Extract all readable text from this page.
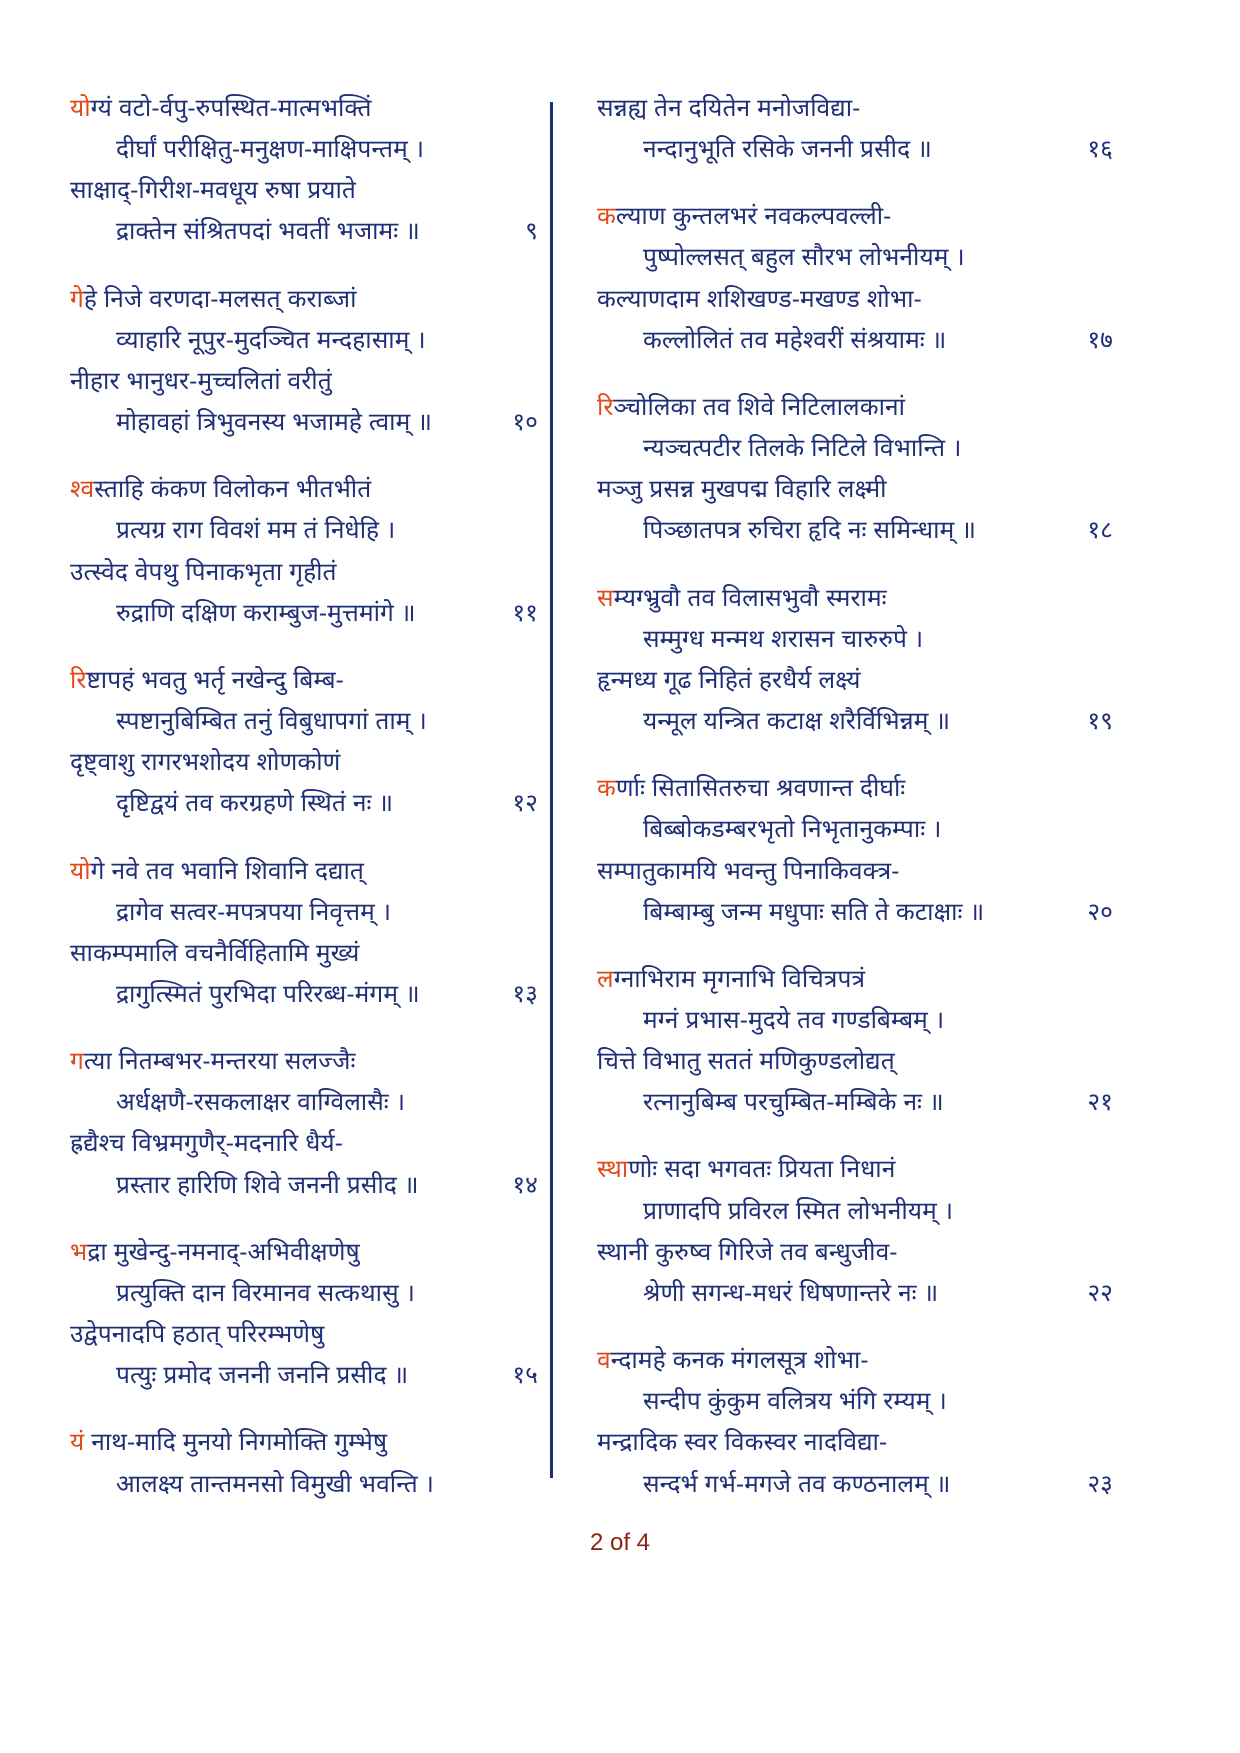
योग्यं वटो-र्वपु-रुपस्थित-मात्मभक्तिं
दीर्घां परीक्षितु-मनुक्षण-माक्षिपन्तम् ।
साक्षाद्-गिरीश-मवधूय रुषा प्रयाते
द्राक्तेन संश्रितपदां भवतीं भजामः ॥	९
गेहे निजे वरणदा-मलसत् कराब्जां
व्याहारि नूपुर-मुदञ्चित मन्दहासाम् ।
नीहार भानुधर-मुच्चलितां वरीतुं
मोहावहां त्रिभुवनस्य भजामहे त्वाम् ॥	१०
श्वस्ताहि कंकण विलोकन भीतभीतं
प्रत्यग्र राग विवशं मम तं निधेहि ।
उत्स्वेद वेपथु पिनाकभृता गृहीतं
रुद्राणि दक्षिण कराम्बुज-मुत्तमांगे ॥	११
रिष्टापहं भवतु भर्तृ नखेन्दु बिम्ब-
स्पष्टानुबिम्बित तनुं विबुधापगां ताम् ।
दृष्ट्वाशु रागरभशोदय शोणकोणं
दृष्टिद्वयं तव करग्रहणे स्थितं नः ॥	१२
योगे नवे तव भवानि शिवानि दद्यात्
द्रागेव सत्वर-मपत्रपया निवृत्तम् ।
साकम्पमालि वचनैर्विहितामि मुख्यं
द्रागुत्स्मितं पुरभिदा परिरब्ध-मंगम् ॥	१३
गत्या नितम्बभर-मन्तरया सलज्जैः
अर्धक्षणै-रसकलाक्षर वाग्विलासैः ।
ह्रद्यैश्च विभ्रमगुणैर्-मदनारि धैर्य-
प्रस्तार हारिणि शिवे जननी प्रसीद ॥	१४
भद्रा मुखेन्दु-नमनाद्-अभिवीक्षणेषु
प्रत्युक्ति दान विरमानव सत्कथासु ।
उद्वेपनादपि हठात् परिरम्भणेषु
पत्युः प्रमोद जननी जननि प्रसीद ॥	१५
यं नाथ-मादि मुनयो निगमोक्ति गुम्भेषु
आलक्ष्य तान्तमनसो विमुखी भवन्ति ।
सन्नह्य तेन दयितेन मनोजविद्या-
नन्दानुभूति रसिके जननी प्रसीद ॥	१६
कल्याण कुन्तलभरं नवकल्पवल्ली-
पुष्पोल्लसत् बहुल सौरभ लोभनीयम् ।
कल्याणदाम शशिखण्ड-मखण्ड शोभा-
कल्लोलितं तव महेश्वरीं संश्रयामः ॥	१७
रिञ्चोलिका तव शिवे निटिलालकानां
न्यञ्चत्पटीर तिलके निटिले विभान्ति ।
मञ्जु प्रसन्न मुखपद्म विहारि लक्ष्मी
पिञ्छातपत्र रुचिरा हृदि नः समिन्धाम् ॥	१८
सम्यग्भ्रुवौ तव विलासभुवौ स्मरामः
सम्मुग्ध मन्मथ शरासन चारुरुपे ।
हृन्मध्य गूढ निहितं हरधैर्य लक्ष्यं
यन्मूल यन्त्रित कटाक्ष शरैर्विभिन्नम् ॥	१९
कर्णाः सितासितरुचा श्रवणान्त दीर्घाः
बिब्बोकडम्बरभृतो निभृतानुकम्पाः ।
सम्पातुकामयि भवन्तु पिनाकिवक्त्र-
बिम्बाम्बु जन्म मधुपाः सति ते कटाक्षाः ॥	२०
लग्नाभिराम मृगनाभि विचित्रपत्रं
मग्नं प्रभास-मुदये तव गण्डबिम्बम् ।
चित्ते विभातु सततं मणिकुण्डलोद्यत्
रत्नानुबिम्ब परचुम्बित-मम्बिके नः ॥	२१
स्थाणोः सदा भगवतः प्रियता निधानं
प्राणादपि प्रविरल स्मित लोभनीयम् ।
स्थानी कुरुष्व गिरिजे तव बन्धुजीव-
श्रेणी सगन्ध-मधरं धिषणान्तरे नः ॥	२२
वन्दामहे कनक मंगलसूत्र शोभा-
सन्दीप कुंकुम वलित्रय भंगि रम्यम् ।
मन्द्रादिक स्वर विकस्वर नादविद्या-
सन्दर्भ गर्भ-मगजे तव कण्ठनालम् ॥	२३
2 of 4
